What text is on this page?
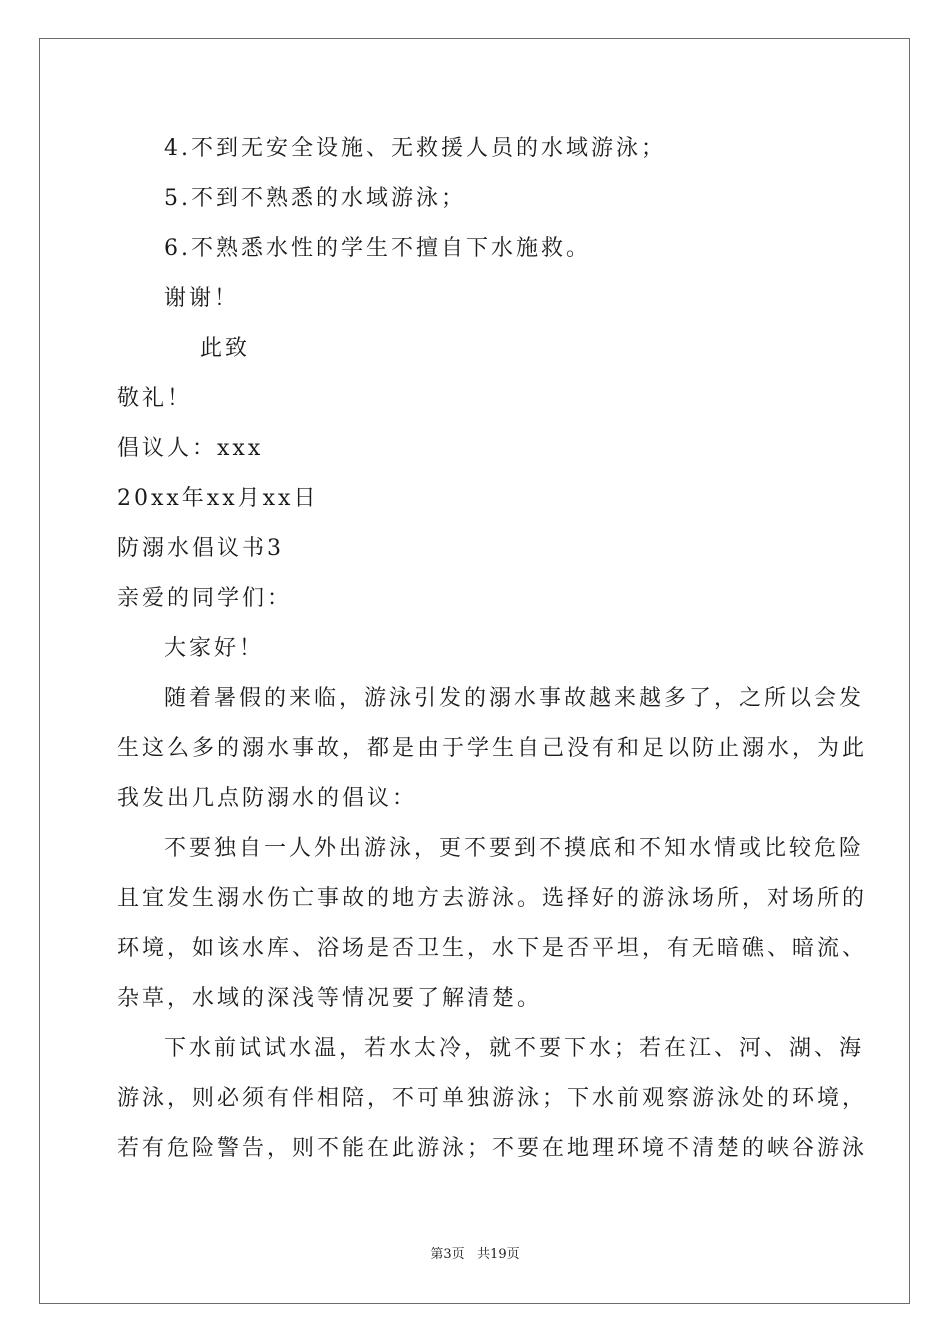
4.不到无安全设施、无救援人员的水域游泳；
5.不到不熟悉的水域游泳；
6.不熟悉水性的学生不擅自下水施救。
谢谢！
此致
敬礼！
倡议人：xxx
20xx年xx月xx日
防溺水倡议书3
亲爱的同学们：
大家好！
随着暑假的来临，游泳引发的溺水事故越来越多了，之所以会发
生这么多的溺水事故，都是由于学生自己没有和足以防止溺水，为此
我发出几点防溺水的倡议：
不要独自一人外出游泳，更不要到不摸底和不知水情或比较危险
且宜发生溺水伤亡事故的地方去游泳。选择好的游泳场所，对场所的
环境，如该水库、浴场是否卫生，水下是否平坦，有无暗礁、暗流、
杂草，水域的深浅等情况要了解清楚。
下水前试试水温，若水太冷，就不要下水；若在江、河、湖、海
游泳，则必须有伴相陪，不可单独游泳；下水前观察游泳处的环境，
若有危险警告，则不能在此游泳；不要在地理环境不清楚的峡谷游泳
第3页   共19页
